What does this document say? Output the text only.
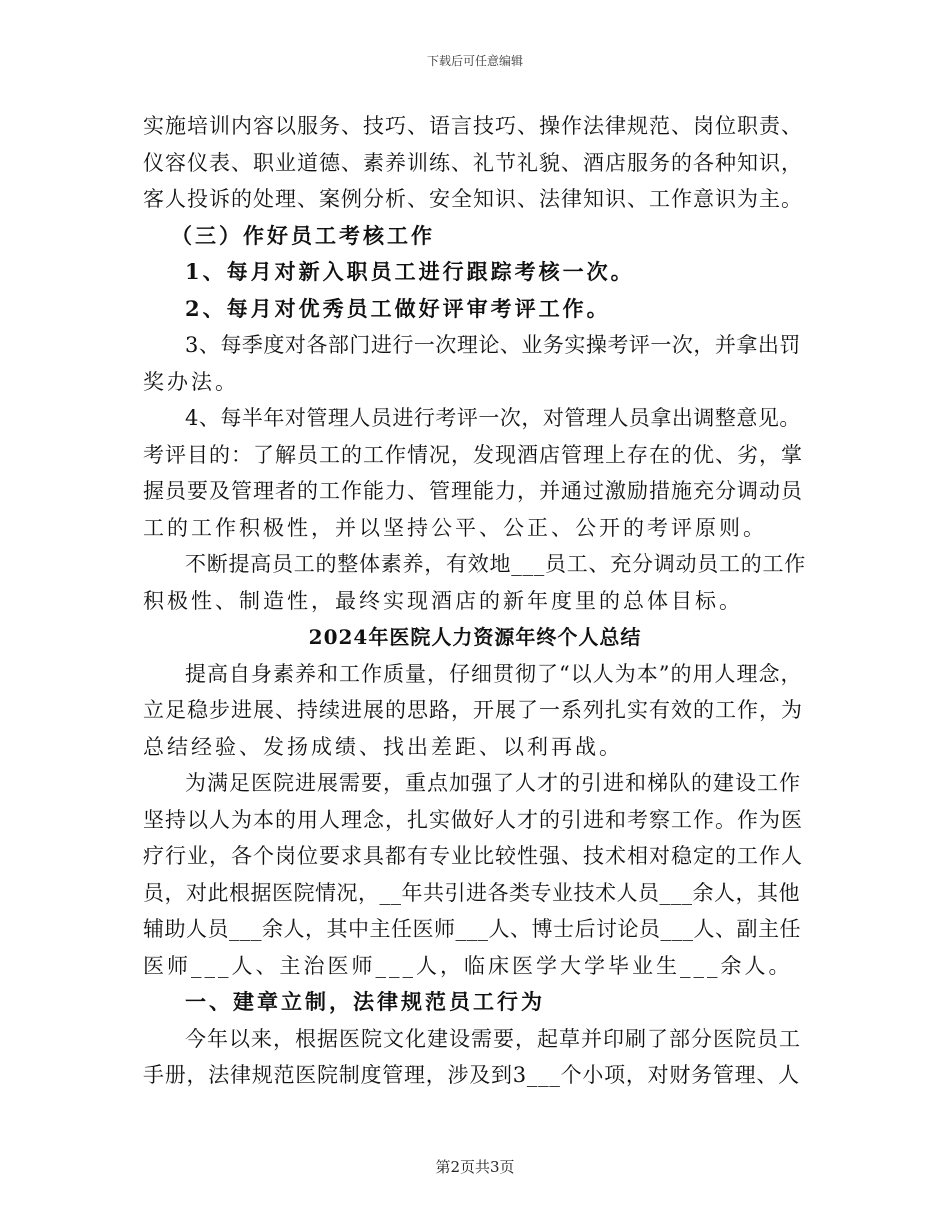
下载后可任意编辑

实施培训内容以服务、技巧、语言技巧、操作法律规范、岗位职责、

仪容仪表、职业道德、素养训练、礼节礼貌、酒店服务的各种知识，

客人投诉的处理、案例分析、安全知识、法律知识、工作意识为主。

（三）作好员工考核工作

1、每月对新入职员工进行跟踪考核一次。

2、每月对优秀员工做好评审考评工作。

3、每季度对各部门进行一次理论、业务实操考评一次，并拿出罚

奖办法。

4、每半年对管理人员进行考评一次，对管理人员拿出调整意见。

考评目的：了解员工的工作情况，发现酒店管理上存在的优、劣，掌

握员要及管理者的工作能力、管理能力，并通过激励措施充分调动员

工的工作积极性，并以坚持公平、公正、公开的考评原则。

不断提高员工的整体素养，有效地___员工、充分调动员工的工作

积极性、制造性，最终实现酒店的新年度里的总体目标。

2024年医院人力资源年终个人总结

提高自身素养和工作质量，仔细贯彻了“以人为本”的用人理念，

立足稳步进展、持续进展的思路，开展了一系列扎实有效的工作，为

总结经验、发扬成绩、找出差距、以利再战。

为满足医院进展需要，重点加强了人才的引进和梯队的建设工作

坚持以人为本的用人理念，扎实做好人才的引进和考察工作。作为医

疗行业，各个岗位要求具都有专业比较性强、技术相对稳定的工作人

员，对此根据医院情况，__年共引进各类专业技术人员___余人，其他

辅助人员___余人，其中主任医师___人、博士后讨论员___人、副主任

医师___人、主治医师___人，临床医学大学毕业生___余人。

一、建章立制，法律规范员工行为

今年以来，根据医院文化建设需要，起草并印刷了部分医院员工

手册，法律规范医院制度管理，涉及到3___个小项，对财务管理、人

第2页共3页
